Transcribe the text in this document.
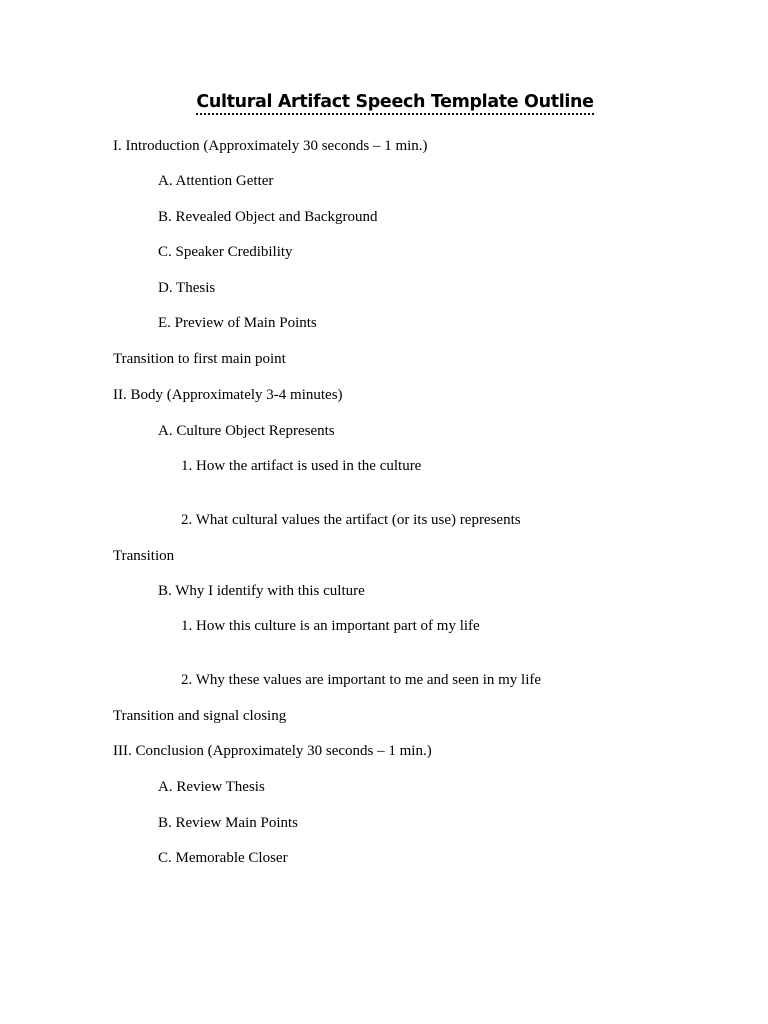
Cultural Artifact Speech Template Outline
I. Introduction (Approximately 30 seconds – 1 min.)
A. Attention Getter
B. Revealed Object and Background
C. Speaker Credibility
D. Thesis
E. Preview of Main Points
Transition to first main point
II. Body (Approximately 3-4 minutes)
A. Culture Object Represents
1. How the artifact is used in the culture
2. What cultural values the artifact (or its use) represents
Transition
B. Why I identify with this culture
1. How this culture is an important part of my life
2. Why these values are important to me and seen in my life
Transition and signal closing
III. Conclusion (Approximately 30 seconds – 1 min.)
A. Review Thesis
B. Review Main Points
C. Memorable Closer
